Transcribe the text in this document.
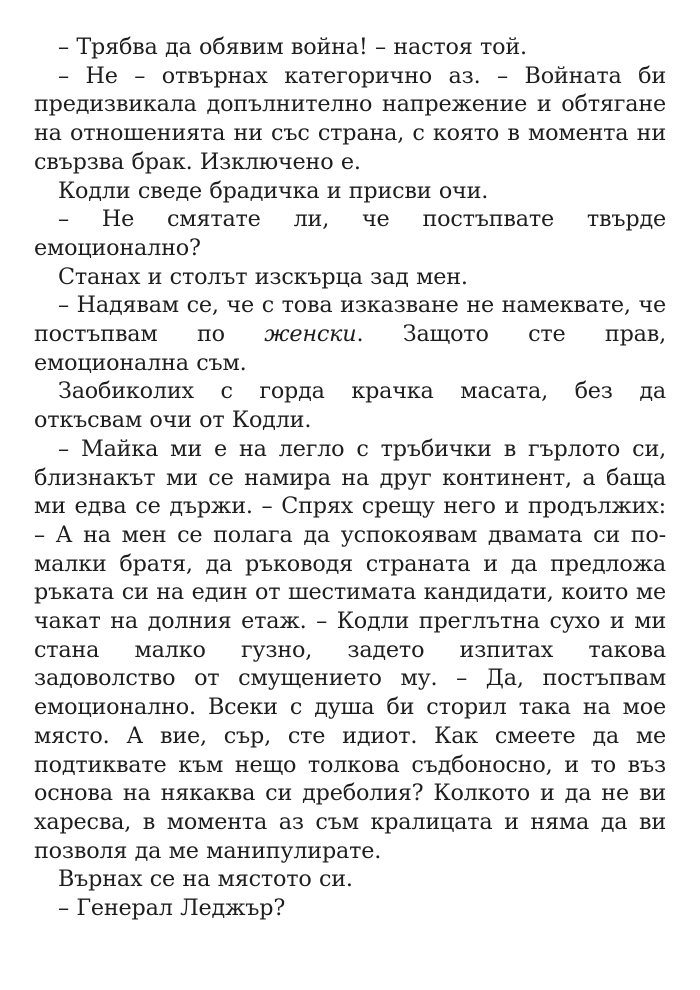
– Трябва да обявим война! – настоя той.

– Не – отвърнах категорично аз. – Войната би предизвикала допълнително напрежение и обтягане на отношенията ни със страна, с която в момента ни свързва брак. Изключено е.

Кодли сведе брадичка и присви очи.

– Не смятате ли, че постъпвате твърде емоционално?

Станах и столът изскърца зад мен.

– Надявам се, че с това изказване не намеквате, че постъпвам по женски. Защото сте прав, емоционална съм.

Заобиколих с горда крачка масата, без да откъсвам очи от Кодли.

– Майка ми е на легло с тръбички в гърлото си, близнакът ми се намира на друг континент, а баща ми едва се държи. – Спрях срещу него и продължих: – А на мен се полага да успокоявам двамата си по-малки братя, да ръководя страната и да предложа ръката си на един от шестимата кандидати, които ме чакат на долния етаж. – Кодли преглътна сухо и ми стана малко гузно, задето изпитах такова задоволство от смущението му. – Да, постъпвам емоционално. Всеки с душа би сторил така на мое място. А вие, сър, сте идиот. Как смеете да ме подтиквате към нещо толкова съдбоносно, и то въз основа на някаква си дреболия? Колкото и да не ви харесва, в момента аз съм кралицата и няма да ви позволя да ме манипулирате.

Върнах се на мястото си.

– Генерал Леджър?
